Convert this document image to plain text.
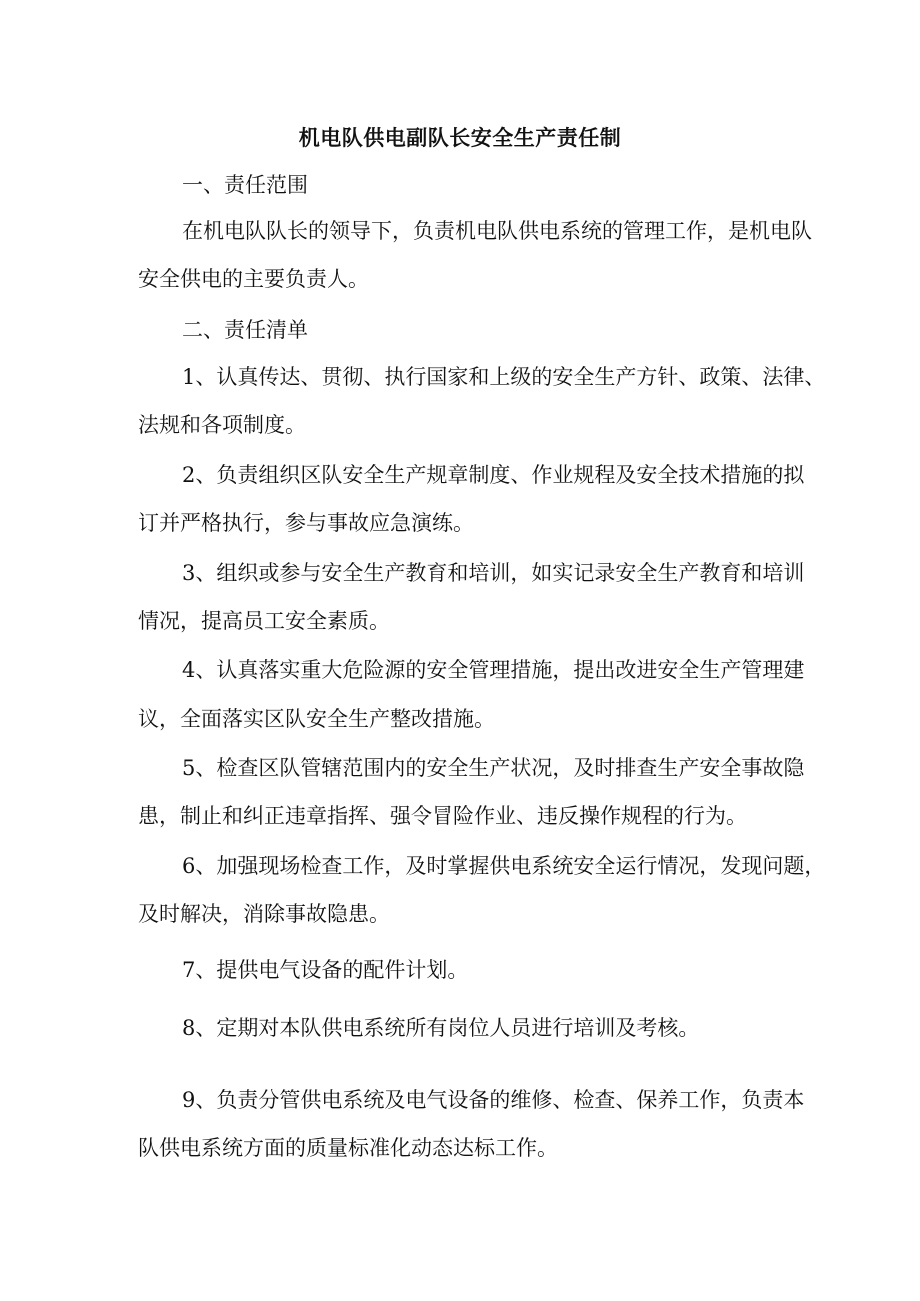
机电队供电副队长安全生产责任制
一、责任范围
在机电队队长的领导下，负责机电队供电系统的管理工作，是机电队
安全供电的主要负责人。
二、责任清单
1、认真传达、贯彻、执行国家和上级的安全生产方针、政策、法律、
法规和各项制度。
2、负责组织区队安全生产规章制度、作业规程及安全技术措施的拟
订并严格执行，参与事故应急演练。
3、组织或参与安全生产教育和培训，如实记录安全生产教育和培训
情况，提高员工安全素质。
4、认真落实重大危险源的安全管理措施，提出改进安全生产管理建
议，全面落实区队安全生产整改措施。
5、检查区队管辖范围内的安全生产状况，及时排查生产安全事故隐
患，制止和纠正违章指挥、强令冒险作业、违反操作规程的行为。
6、加强现场检查工作，及时掌握供电系统安全运行情况，发现问题，
及时解决，消除事故隐患。
7、提供电气设备的配件计划。
8、定期对本队供电系统所有岗位人员进行培训及考核。
9、负责分管供电系统及电气设备的维修、检查、保养工作，负责本
队供电系统方面的质量标准化动态达标工作。
